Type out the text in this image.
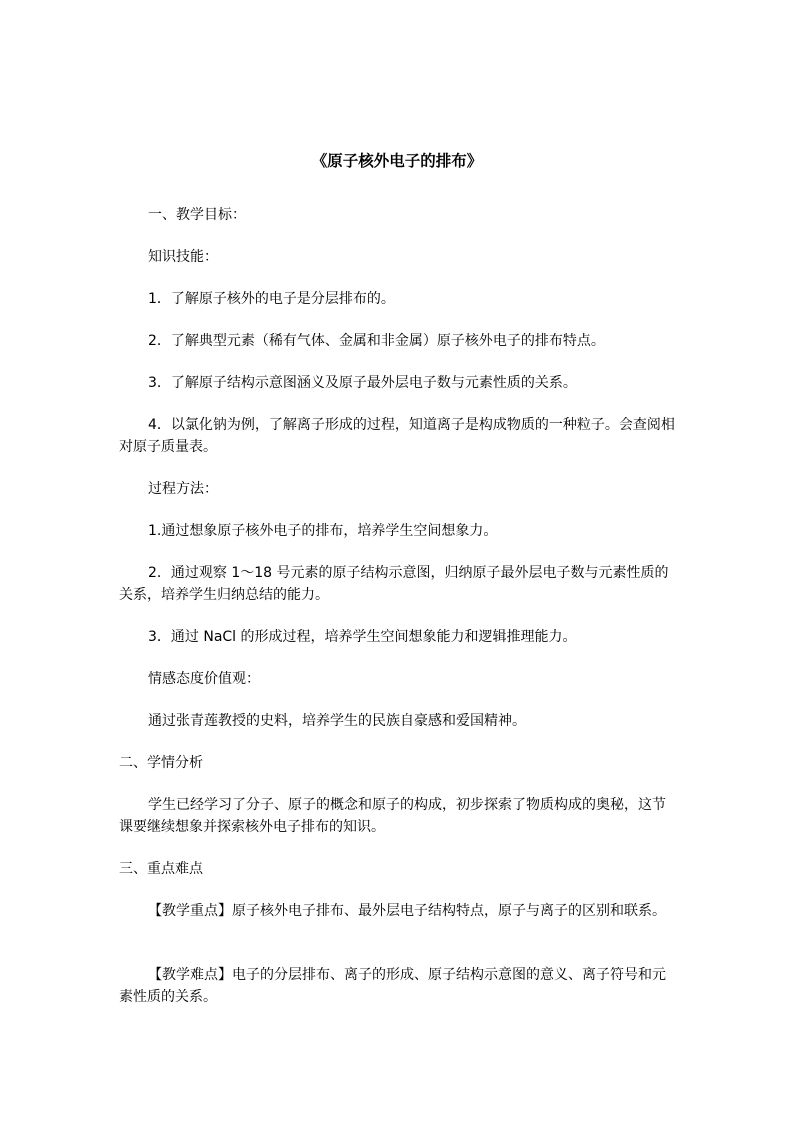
《原子核外电子的排布》
一、教学目标：
知识技能：
1．了解原子核外的电子是分层排布的。
2．了解典型元素（稀有气体、金属和非金属）原子核外电子的排布特点。
3．了解原子结构示意图涵义及原子最外层电子数与元素性质的关系。
4．以氯化钠为例，了解离子形成的过程，知道离子是构成物质的一种粒子。会查阅相对原子质量表。
过程方法：
1.通过想象原子核外电子的排布，培养学生空间想象力。
2．通过观察 1～18 号元素的原子结构示意图，归纳原子最外层电子数与元素性质的关系，培养学生归纳总结的能力。
3．通过 NaCl 的形成过程，培养学生空间想象能力和逻辑推理能力。
情感态度价值观：
通过张青莲教授的史料，培养学生的民族自豪感和爱国精神。
二、学情分析
学生已经学习了分子、原子的概念和原子的构成，初步探索了物质构成的奥秘，这节课要继续想象并探索核外电子排布的知识。
三、重点难点
【教学重点】原子核外电子排布、最外层电子结构特点，原子与离子的区别和联系。
【教学难点】电子的分层排布、离子的形成、原子结构示意图的意义、离子符号和元素性质的关系。
